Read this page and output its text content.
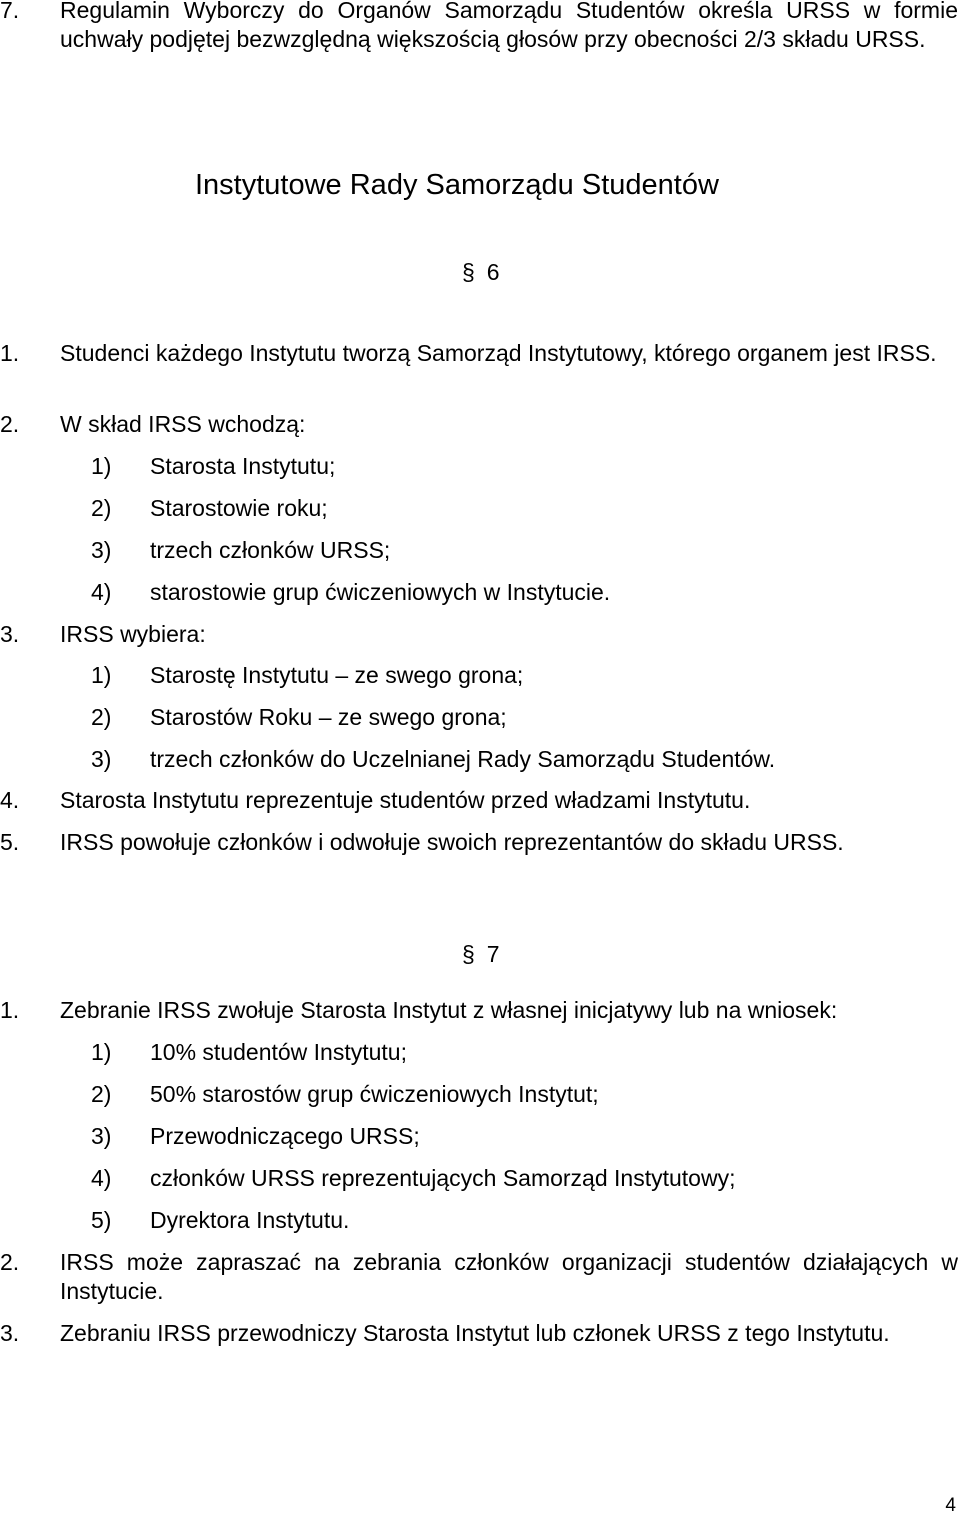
7. Regulamin Wyborczy do Organów Samorządu Studentów określa URSS w formie uchwały podjętej bezwzględną większością głosów przy obecności 2/3 składu URSS.
Instytutowe Rady Samorządu Studentów
§ 6
1. Studenci każdego Instytutu tworzą Samorząd Instytutowy, którego organem jest IRSS.
2. W skład IRSS wchodzą:
1) Starosta Instytutu;
2) Starostowie roku;
3) trzech członków URSS;
4) starostowie grup ćwiczeniowych w Instytucie.
3. IRSS wybiera:
1) Starostę Instytutu – ze swego grona;
2) Starostów Roku – ze swego grona;
3) trzech członków do Uczelnianej Rady Samorządu Studentów.
4. Starosta Instytutu reprezentuje studentów przed władzami Instytutu.
5. IRSS powołuje członków i odwołuje swoich reprezentantów do składu URSS.
§ 7
1. Zebranie IRSS zwołuje Starosta Instytut z własnej inicjatywy lub na wniosek:
1) 10% studentów Instytutu;
2) 50% starostów grup ćwiczeniowych Instytut;
3) Przewodniczącego URSS;
4) członków URSS reprezentujących Samorząd Instytutowy;
5) Dyrektora Instytutu.
2. IRSS może zapraszać na zebrania członków organizacji studentów działających w Instytucie.
3. Zebraniu IRSS przewodniczy Starosta Instytut lub członek URSS z tego Instytutu.
4
